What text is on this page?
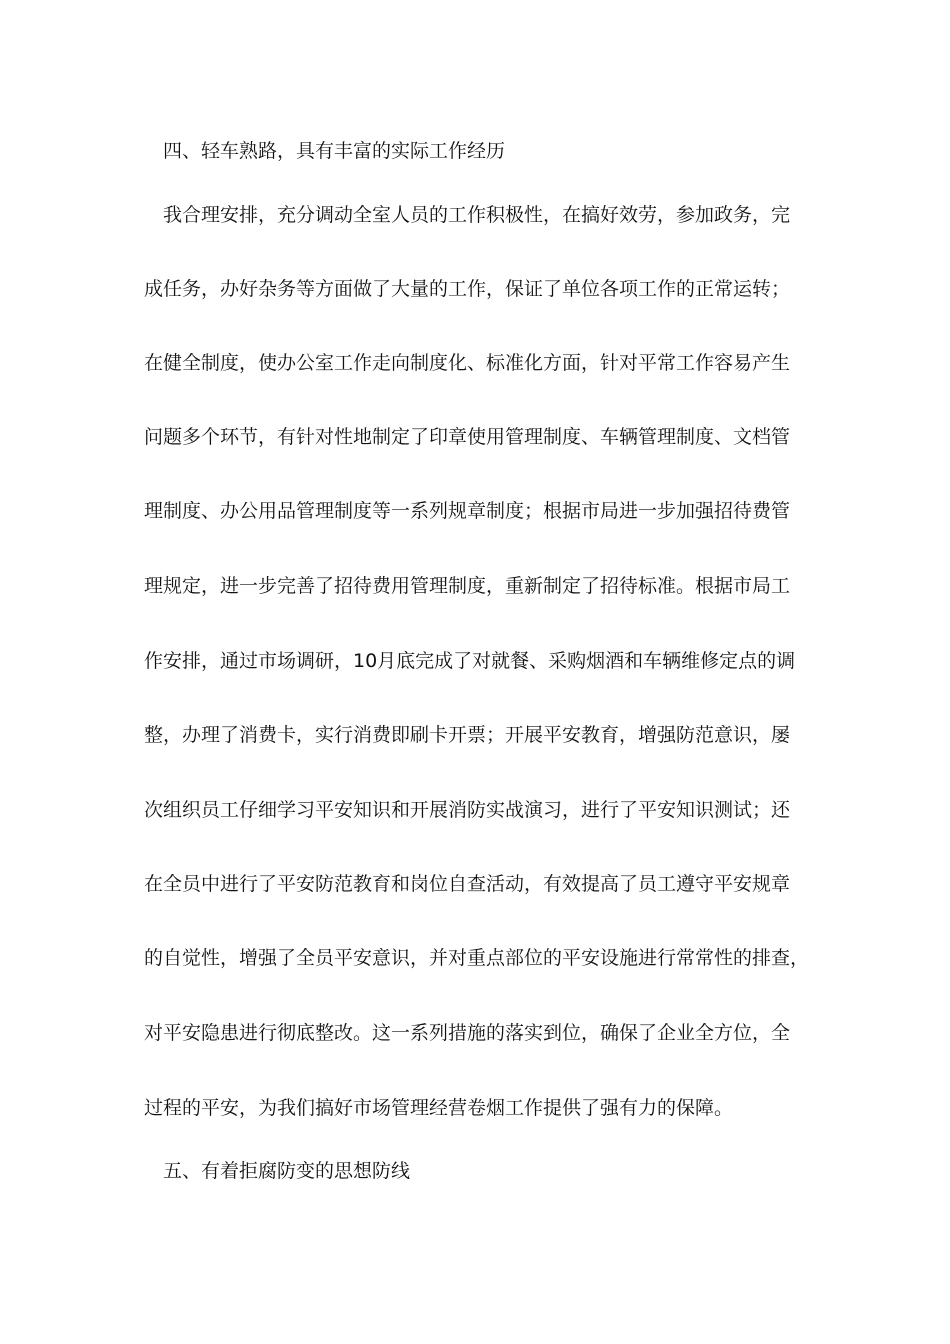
四、轻车熟路，具有丰富的实际工作经历
我合理安排，充分调动全室人员的工作积极性，在搞好效劳，参加政务，完
成任务，办好杂务等方面做了大量的工作，保证了单位各项工作的正常运转；
在健全制度，使办公室工作走向制度化、标准化方面，针对平常工作容易产生
问题多个环节，有针对性地制定了印章使用管理制度、车辆管理制度、文档管
理制度、办公用品管理制度等一系列规章制度；根据市局进一步加强招待费管
理规定，进一步完善了招待费用管理制度，重新制定了招待标准。根据市局工
作安排，通过市场调研，10月底完成了对就餐、采购烟酒和车辆维修定点的调
整，办理了消费卡，实行消费即刷卡开票；开展平安教育，增强防范意识，屡
次组织员工仔细学习平安知识和开展消防实战演习，进行了平安知识测试；还
在全员中进行了平安防范教育和岗位自查活动，有效提高了员工遵守平安规章
的自觉性，增强了全员平安意识，并对重点部位的平安设施进行常常性的排查，
对平安隐患进行彻底整改。这一系列措施的落实到位，确保了企业全方位，全
过程的平安，为我们搞好市场管理经营卷烟工作提供了强有力的保障。
五、有着拒腐防变的思想防线
